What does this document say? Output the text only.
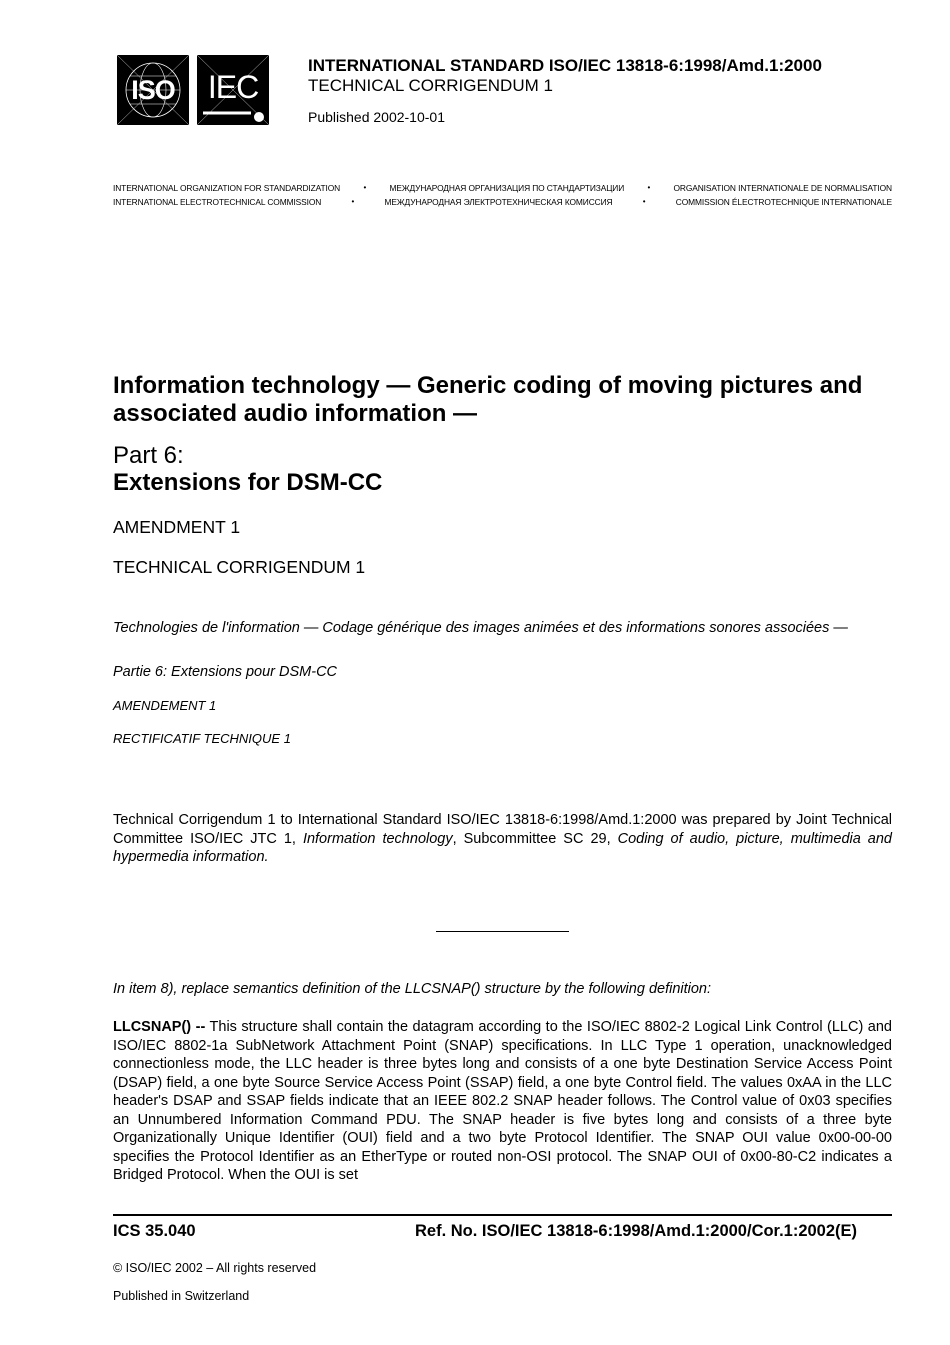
ISO	IEC
INTERNATIONAL STANDARD ISO/IEC 13818-6:1998/Amd.1:2000
TECHNICAL CORRIGENDUM 1
Published 2002-10-01
INTERNATIONAL ORGANIZATION FOR STANDARDIZATION	•	МЕЖДУНАРОДНАЯ ОРГАНИЗАЦИЯ ПО СТАНДАРТИЗАЦИИ	•	ORGANISATION INTERNATIONALE DE NORMALISATION
INTERNATIONAL ELECTROTECHNICAL COMMISSION	•	МЕЖДУНАРОДНАЯ ЭЛЕКТРОТЕХНИЧЕСКАЯ КОМИССИЯ	•	COMMISSION ÉLECTROTECHNIQUE INTERNATIONALE
Information technology — Generic coding of moving pictures and associated audio information —
Part 6:
Extensions for DSM-CC
AMENDMENT 1
TECHNICAL CORRIGENDUM 1
Technologies de l'information — Codage générique des images animées et des informations sonores associées —
Partie 6: Extensions pour DSM-CC
AMENDEMENT 1
RECTIFICATIF TECHNIQUE 1
Technical Corrigendum 1 to International Standard ISO/IEC 13818-6:1998/Amd.1:2000 was prepared by Joint Technical Committee ISO/IEC JTC 1, Information technology, Subcommittee SC 29, Coding of audio, picture, multimedia and hypermedia information.
In item 8), replace semantics definition of the LLCSNAP() structure by the following definition:
LLCSNAP() -- This structure shall contain the datagram according to the ISO/IEC 8802-2 Logical Link Control (LLC) and ISO/IEC 8802-1a SubNetwork Attachment Point (SNAP) specifications. In LLC Type 1 operation, unacknowledged connectionless mode, the LLC header is three bytes long and consists of a one byte Destination Service Access Point (DSAP) field, a one byte Source Service Access Point (SSAP) field, a one byte Control field. The values 0xAA in the LLC header's DSAP and SSAP fields indicate that an IEEE 802.2 SNAP header follows. The Control value of 0x03 specifies an Unnumbered Information Command PDU. The SNAP header is five bytes long and consists of a three byte Organizationally Unique Identifier (OUI) field and a two byte Protocol Identifier. The SNAP OUI value 0x00-00-00 specifies the Protocol Identifier as an EtherType or routed non-OSI protocol. The SNAP OUI of 0x00-80-C2 indicates a Bridged Protocol. When the OUI is set
ICS 35.040	Ref. No. ISO/IEC 13818-6:1998/Amd.1:2000/Cor.1:2002(E)
© ISO/IEC 2002 – All rights reserved
Published in Switzerland
